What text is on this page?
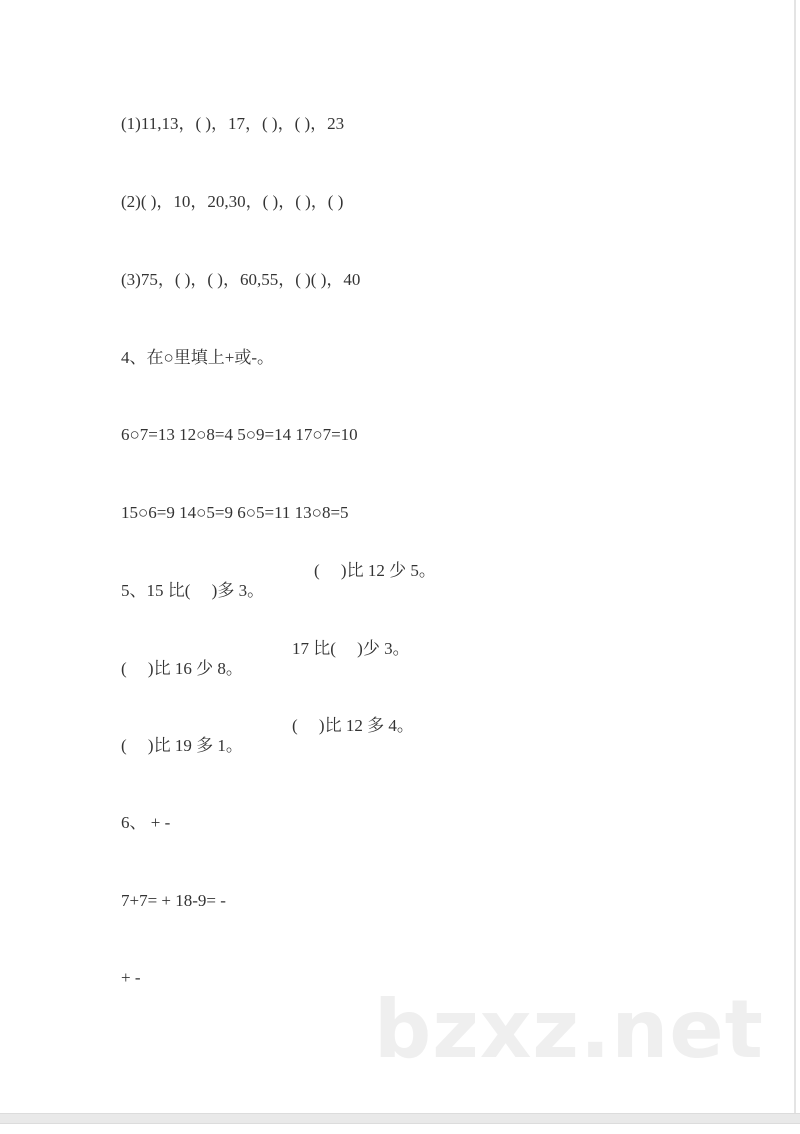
(1)11,13，( )，17，( )，( )，23

(2)( )，10，20,30，( )，( )，( )

(3)75，( )，( )，60,55，( )( )，40

4、在○里填上+或-。

6○7=13 12○8=4 5○9=14 17○7=10

15○6=9 14○5=9 6○5=11 13○8=5

5、15 比(　 )多 3。

(　 )比 12 少 5。

(　 )比 16 少 8。

17 比(　 )少 3。

(　 )比 19 多 1。

(　 )比 12 多 4。

6、 + -

7+7= + 18-9= -

+ -

bzxz.net
